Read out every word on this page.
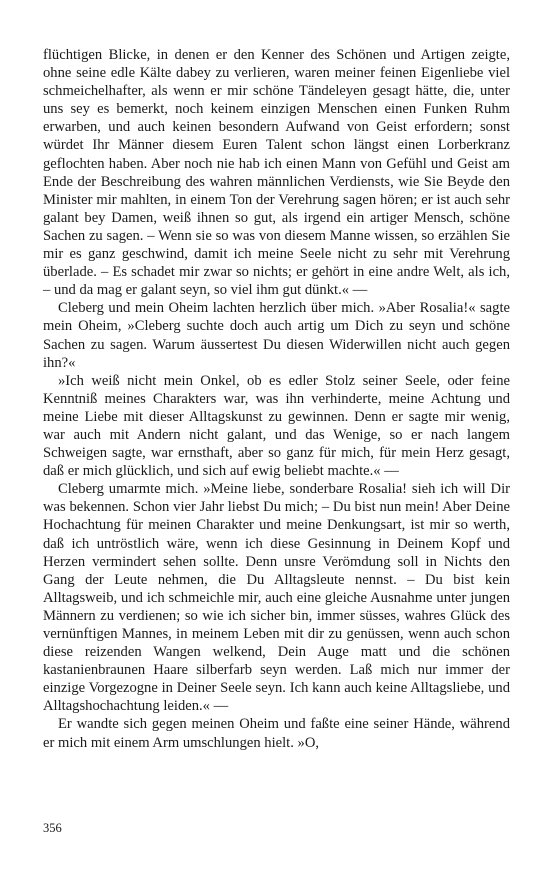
flüchtigen Blicke, in denen er den Kenner des Schönen und Artigen zeigte, ohne seine edle Kälte dabey zu verlieren, waren meiner feinen Eigenliebe viel schmeichelhafter, als wenn er mir schöne Tändeleyen gesagt hätte, die, unter uns sey es bemerkt, noch keinem einzigen Menschen einen Funken Ruhm erwarben, und auch keinen besondern Aufwand von Geist erfordern; sonst würdet Ihr Männer diesem Euren Talent schon längst einen Lorberkranz geflochten haben. Aber noch nie hab ich einen Mann von Gefühl und Geist am Ende der Beschreibung des wahren männlichen Verdiensts, wie Sie Beyde den Minister mir mahlten, in einem Ton der Verehrung sagen hören; er ist auch sehr galant bey Damen, weiß ihnen so gut, als irgend ein artiger Mensch, schöne Sachen zu sagen. – Wenn sie so was von diesem Manne wissen, so erzählen Sie mir es ganz geschwind, damit ich meine Seele nicht zu sehr mit Verehrung überlade. – Es schadet mir zwar so nichts; er gehört in eine andre Welt, als ich, – und da mag er galant seyn, so viel ihm gut dünkt.« ––

Cleberg und mein Oheim lachten herzlich über mich. »Aber Rosalia!« sagte mein Oheim, »Cleberg suchte doch auch artig um Dich zu seyn und schöne Sachen zu sagen. Warum äussertest Du diesen Widerwillen nicht auch gegen ihn?«

»Ich weiß nicht mein Onkel, ob es edler Stolz seiner Seele, oder feine Kenntniß meines Charakters war, was ihn verhinderte, meine Achtung und meine Liebe mit dieser Alltagskunst zu gewinnen. Denn er sagte mir wenig, war auch mit Andern nicht galant, und das Wenige, so er nach langem Schweigen sagte, war ernsthaft, aber so ganz für mich, für mein Herz gesagt, daß er mich glücklich, und sich auf ewig beliebt machte.« ––

Cleberg umarmte mich. »Meine liebe, sonderbare Rosalia! sieh ich will Dir was bekennen. Schon vier Jahr liebst Du mich; – Du bist nun mein! Aber Deine Hochachtung für meinen Charakter und meine Denkungsart, ist mir so werth, daß ich untröstlich wäre, wenn ich diese Gesinnung in Deinem Kopf und Herzen vermindert sehen sollte. Denn unsre Verömdung soll in Nichts den Gang der Leute nehmen, die Du Alltagsleute nennst. – Du bist kein Alltagsweib, und ich schmeichle mir, auch eine gleiche Ausnahme unter jungen Männern zu verdienen; so wie ich sicher bin, immer süsses, wahres Glück des vernünftigen Mannes, in meinem Leben mit dir zu genüssen, wenn auch schon diese reizenden Wangen welkend, Dein Auge matt und die schönen kastanienbraunen Haare silberfarb seyn werden. Laß mich nur immer der einzige Vorgezogne in Deiner Seele seyn. Ich kann auch keine Alltagsliebe, und Alltagshochachtung leiden.« ––

Er wandte sich gegen meinen Oheim und faßte eine seiner Hände, während er mich mit einem Arm umschlungen hielt. »O,

356
